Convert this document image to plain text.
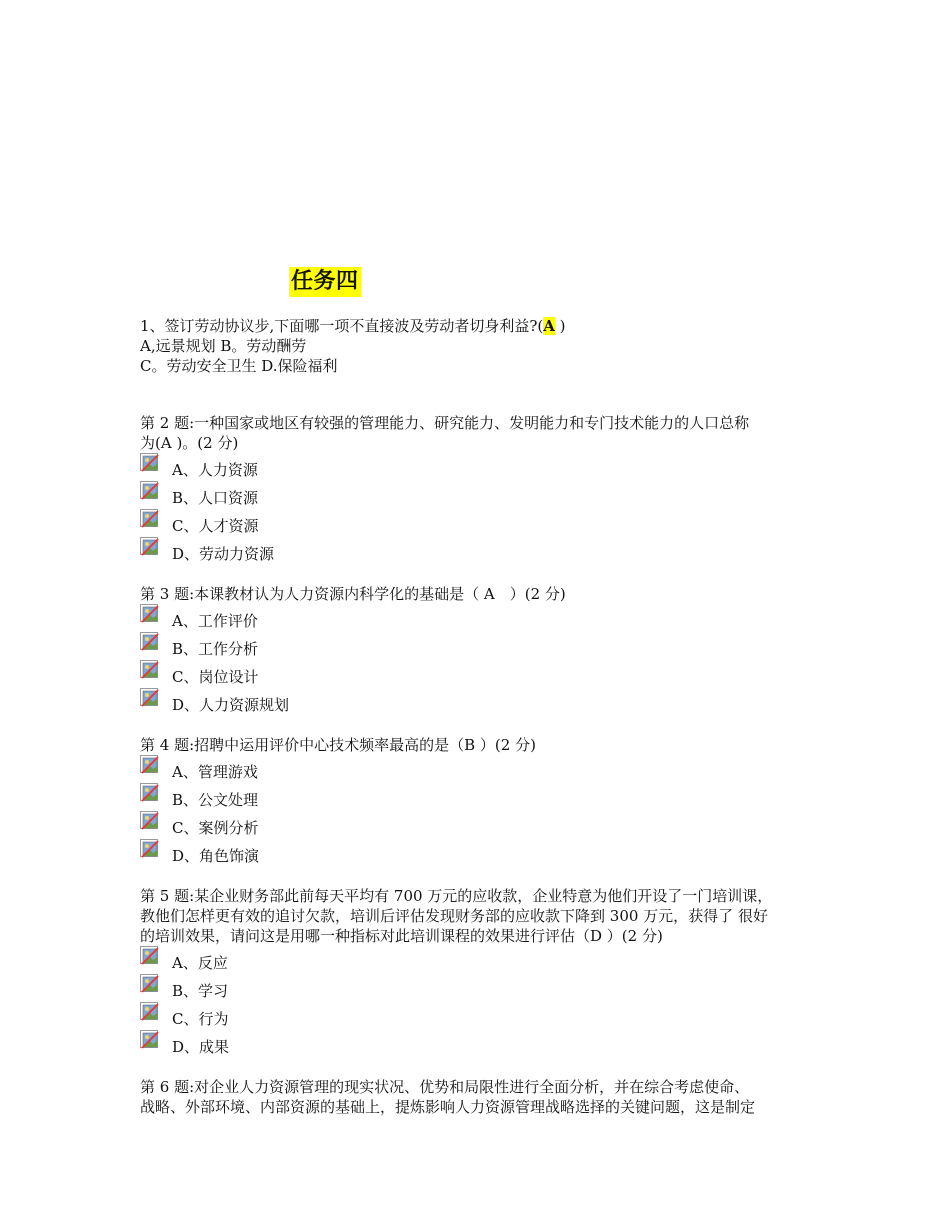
任务四
1、签订劳动协议步,下面哪一项不直接波及劳动者切身利益?(A )
A,远景规划 B。劳动酬劳
C。劳动安全卫生 D.保险福利
第 2 题:一种国家或地区有较强的管理能力、研究能力、发明能力和专门技术能力的人口总称
为(A )。(2 分)
A、人力资源
B、人口资源
C、人才资源
D、劳动力资源
第 3 题:本课教材认为人力资源内科学化的基础是（ A　）(2 分)
A、工作评价
B、工作分析
C、岗位设计
D、人力资源规划
第 4 题:招聘中运用评价中心技术频率最高的是（B ）(2 分)
A、管理游戏
B、公文处理
C、案例分析
D、角色饰演
第 5 题:某企业财务部此前每天平均有 700 万元的应收款，企业特意为他们开设了一门培训课，
教他们怎样更有效的追讨欠款，培训后评估发现财务部的应收款下降到 300 万元，获得了 很好
的培训效果，请问这是用哪一种指标对此培训课程的效果进行评估（D ）(2 分)
A、反应
B、学习
C、行为
D、成果
第 6 题:对企业人力资源管理的现实状况、优势和局限性进行全面分析，并在综合考虑使命、
战略、外部环境、内部资源的基础上，提炼影响人力资源管理战略选择的关键问题，这是制定
